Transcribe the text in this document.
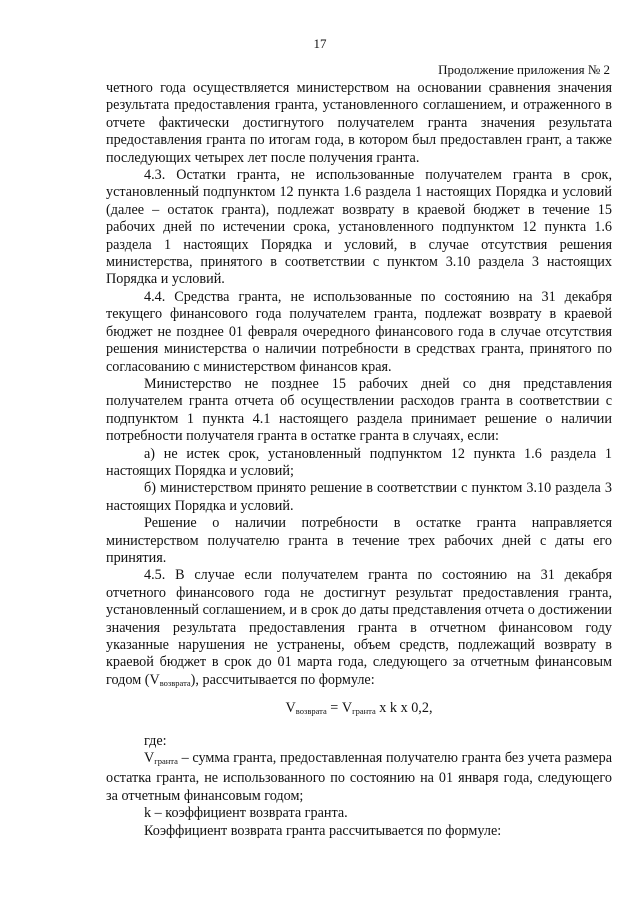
17
Продолжение приложения № 2

четного года осуществляется министерством на основании сравнения значения результата предоставления гранта, установленного соглашением, и отраженного в отчете фактически достигнутого получателем гранта значения результата предоставления гранта по итогам года, в котором был предоставлен грант, а также последующих четырех лет после получения гранта.

4.3. Остатки гранта, не использованные получателем гранта в срок, установленный подпунктом 12 пункта 1.6 раздела 1 настоящих Порядка и условий (далее – остаток гранта), подлежат возврату в краевой бюджет в течение 15 рабочих дней по истечении срока, установленного подпунктом 12 пункта 1.6 раздела 1 настоящих Порядка и условий, в случае отсутствия решения министерства, принятого в соответствии с пунктом 3.10 раздела 3 настоящих Порядка и условий.

4.4. Средства гранта, не использованные по состоянию на 31 декабря текущего финансового года получателем гранта, подлежат возврату в краевой бюджет не позднее 01 февраля очередного финансового года в случае отсутствия решения министерства о наличии потребности в средствах гранта, принятого по согласованию с министерством финансов края.

Министерство не позднее 15 рабочих дней со дня представления получателем гранта отчета об осуществлении расходов гранта в соответствии с подпунктом 1 пункта 4.1 настоящего раздела принимает решение о наличии потребности получателя гранта в остатке гранта в случаях, если:

а) не истек срок, установленный подпунктом 12 пункта 1.6 раздела 1 настоящих Порядка и условий;

б) министерством принято решение в соответствии с пунктом 3.10 раздела 3 настоящих Порядка и условий.

Решение о наличии потребности в остатке гранта направляется министерством получателю гранта в течение трех рабочих дней с даты его принятия.

4.5. В случае если получателем гранта по состоянию на 31 декабря отчетного финансового года не достигнут результат предоставления гранта, установленный соглашением, и в срок до даты представления отчета о достижении значения результата предоставления гранта в отчетном финансовом году указанные нарушения не устранены, объем средств, подлежащий возврату в краевой бюджет в срок до 01 марта года, следующего за отчетным финансовым годом $(V_{возврата})$, рассчитывается по формуле:

$V_{возврата} = V_{гранта}$ x k x 0,2,

где:

$V_{гранта}$ – сумма гранта, предоставленная получателю гранта без учета размера остатка гранта, не использованного по состоянию на 01 января года, следующего за отчетным финансовым годом;

k – коэффициент возврата гранта.

Коэффициент возврата гранта рассчитывается по формуле:
